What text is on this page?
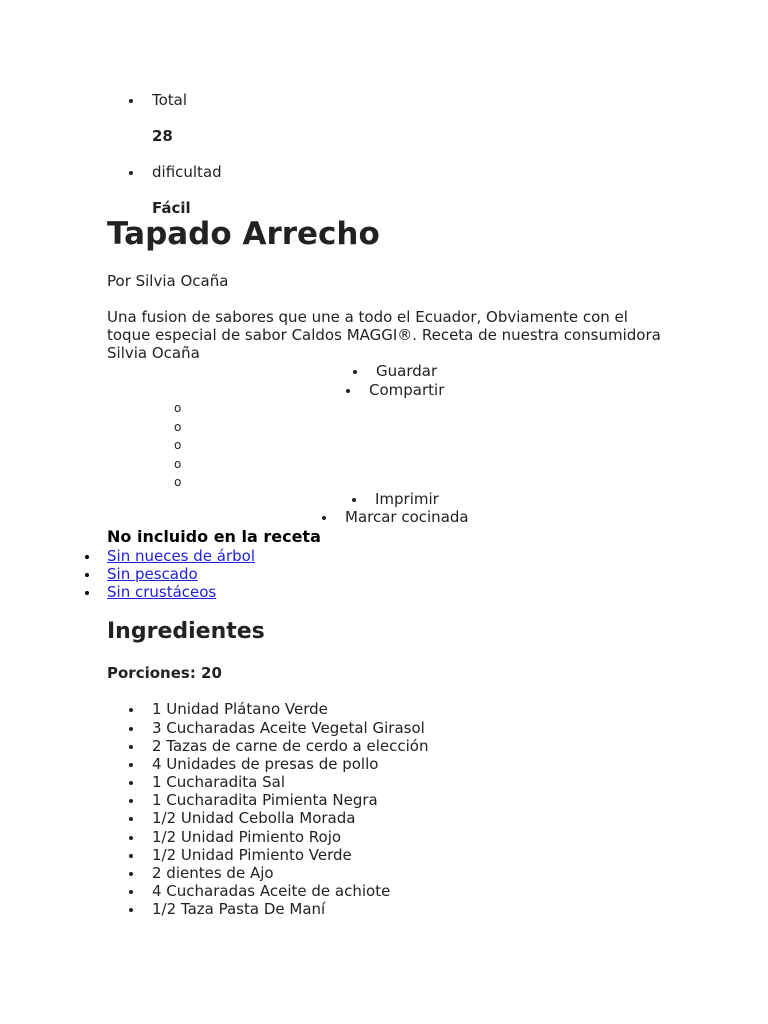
Total
28
dificultad
Fácil
Tapado Arrecho
Por Silvia Ocaña
Una fusion de sabores que une a todo el Ecuador, Obviamente con el toque especial de sabor Caldos MAGGI®. Receta de nuestra consumidora Silvia Ocaña
Guardar
Compartir
o
o
o
o
o
Imprimir
Marcar cocinada
No incluido en la receta
Sin nueces de árbol
Sin pescado
Sin crustáceos
Ingredientes
Porciones: 20
1 Unidad Plátano Verde
3 Cucharadas Aceite Vegetal Girasol
2 Tazas de carne de cerdo a elección
4 Unidades de presas de pollo
1 Cucharadita Sal
1 Cucharadita Pimienta Negra
1/2 Unidad Cebolla Morada
1/2 Unidad Pimiento Rojo
1/2 Unidad Pimiento Verde
2 dientes de Ajo
4 Cucharadas Aceite de achiote
1/2 Taza Pasta De Maní
